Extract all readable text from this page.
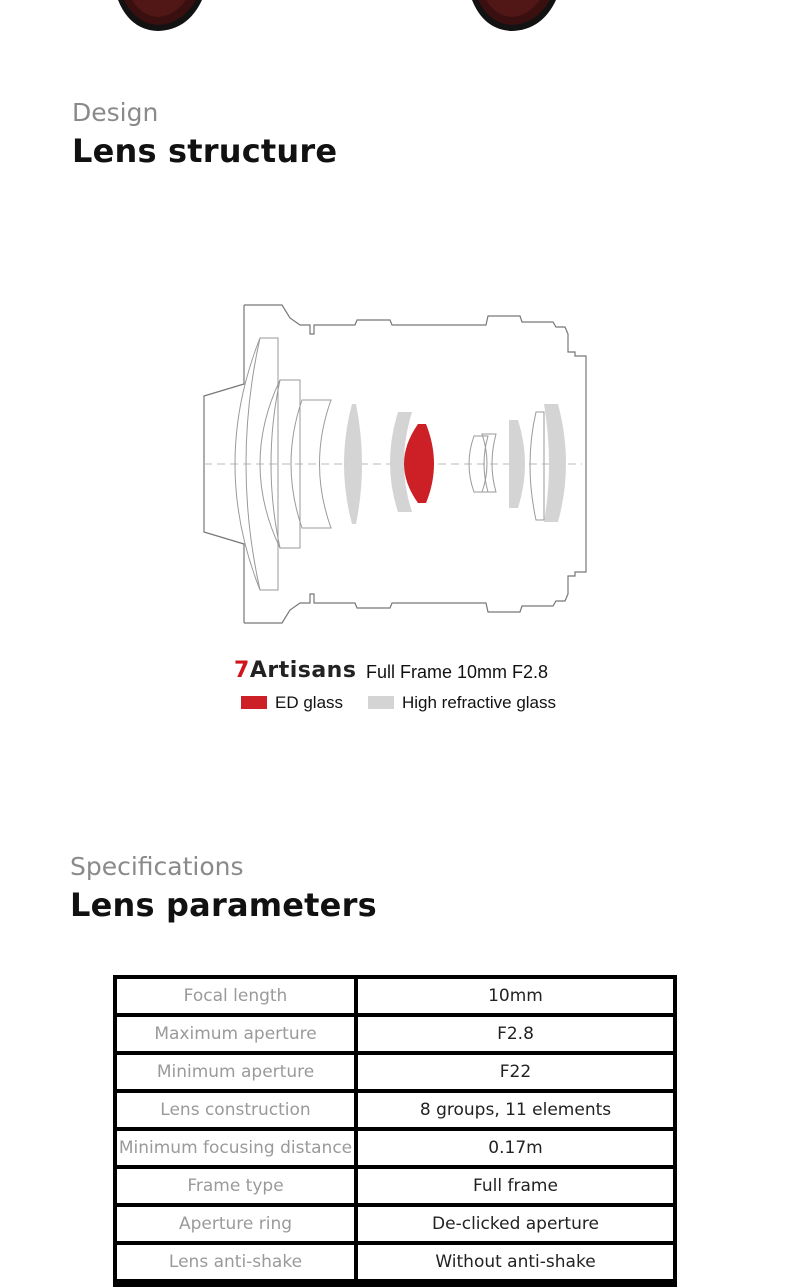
Design
Lens structure
7Artisans Full Frame 10mm F2.8
ED glass	High refractive glass
Specifications
Lens parameters
Focal length	10mm
Maximum aperture	F2.8
Minimum aperture	F22
Lens construction	8 groups, 11 elements
Minimum focusing distance	0.17m
Frame type	Full frame
Aperture ring	De-clicked aperture
Lens anti-shake	Without anti-shake
